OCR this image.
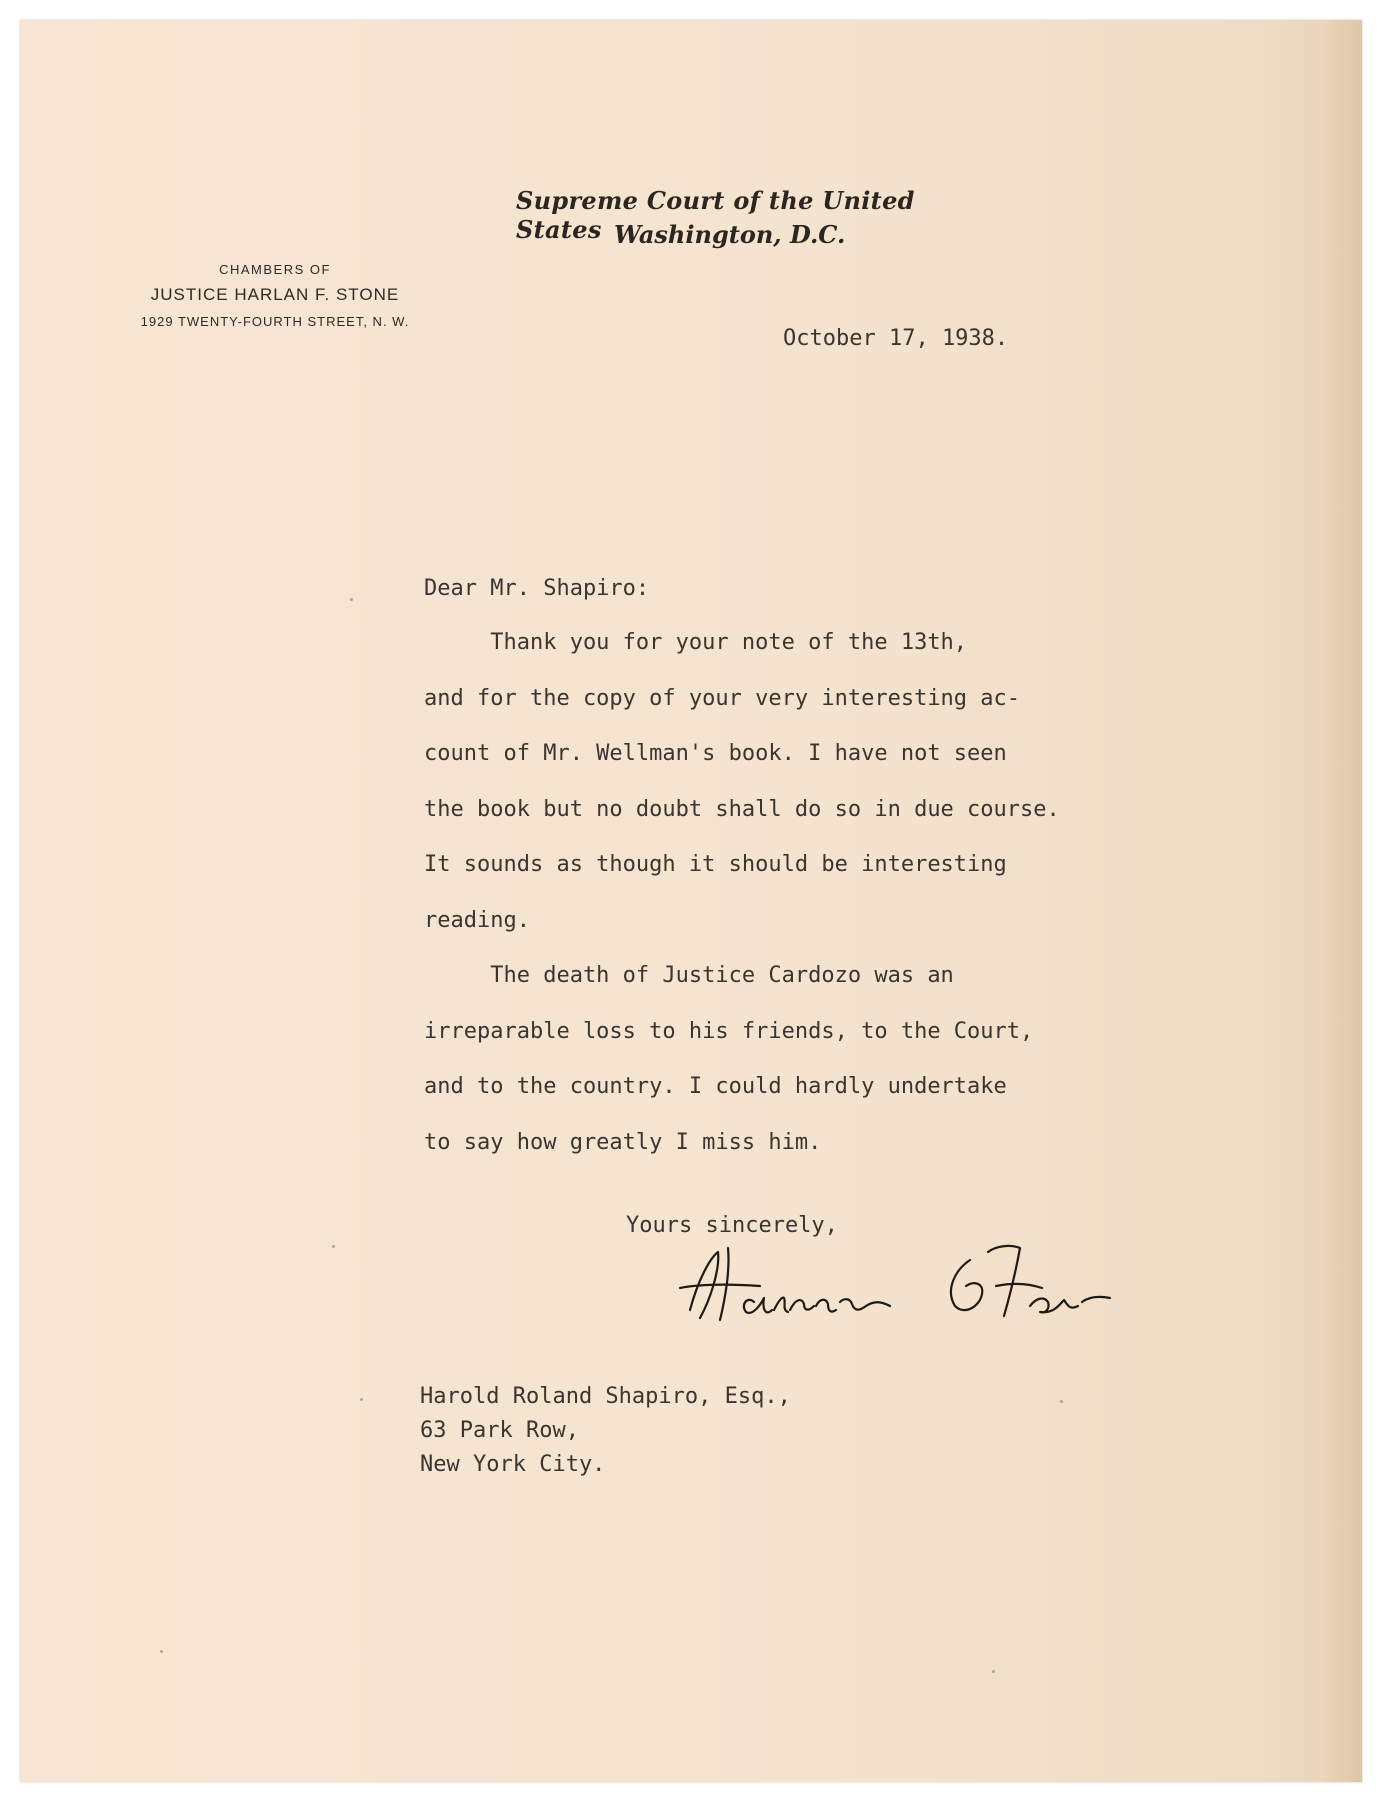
Supreme Court of the United States Washington, D.C.
CHAMBERS OF
JUSTICE HARLAN F. STONE
1929 TWENTY-FOURTH STREET, N. W.
October 17, 1938.
Dear Mr. Shapiro:
Thank you for your note of the 13th,
and for the copy of your very interesting ac-
count of Mr. Wellman's book. I have not seen
the book but no doubt shall do so in due course.
It sounds as though it should be interesting
reading.
The death of Justice Cardozo was an
irreparable loss to his friends, to the Court,
and to the country. I could hardly undertake
to say how greatly I miss him.
Yours sincerely,
Harold Roland Shapiro, Esq.,
63 Park Row,
New York City.
